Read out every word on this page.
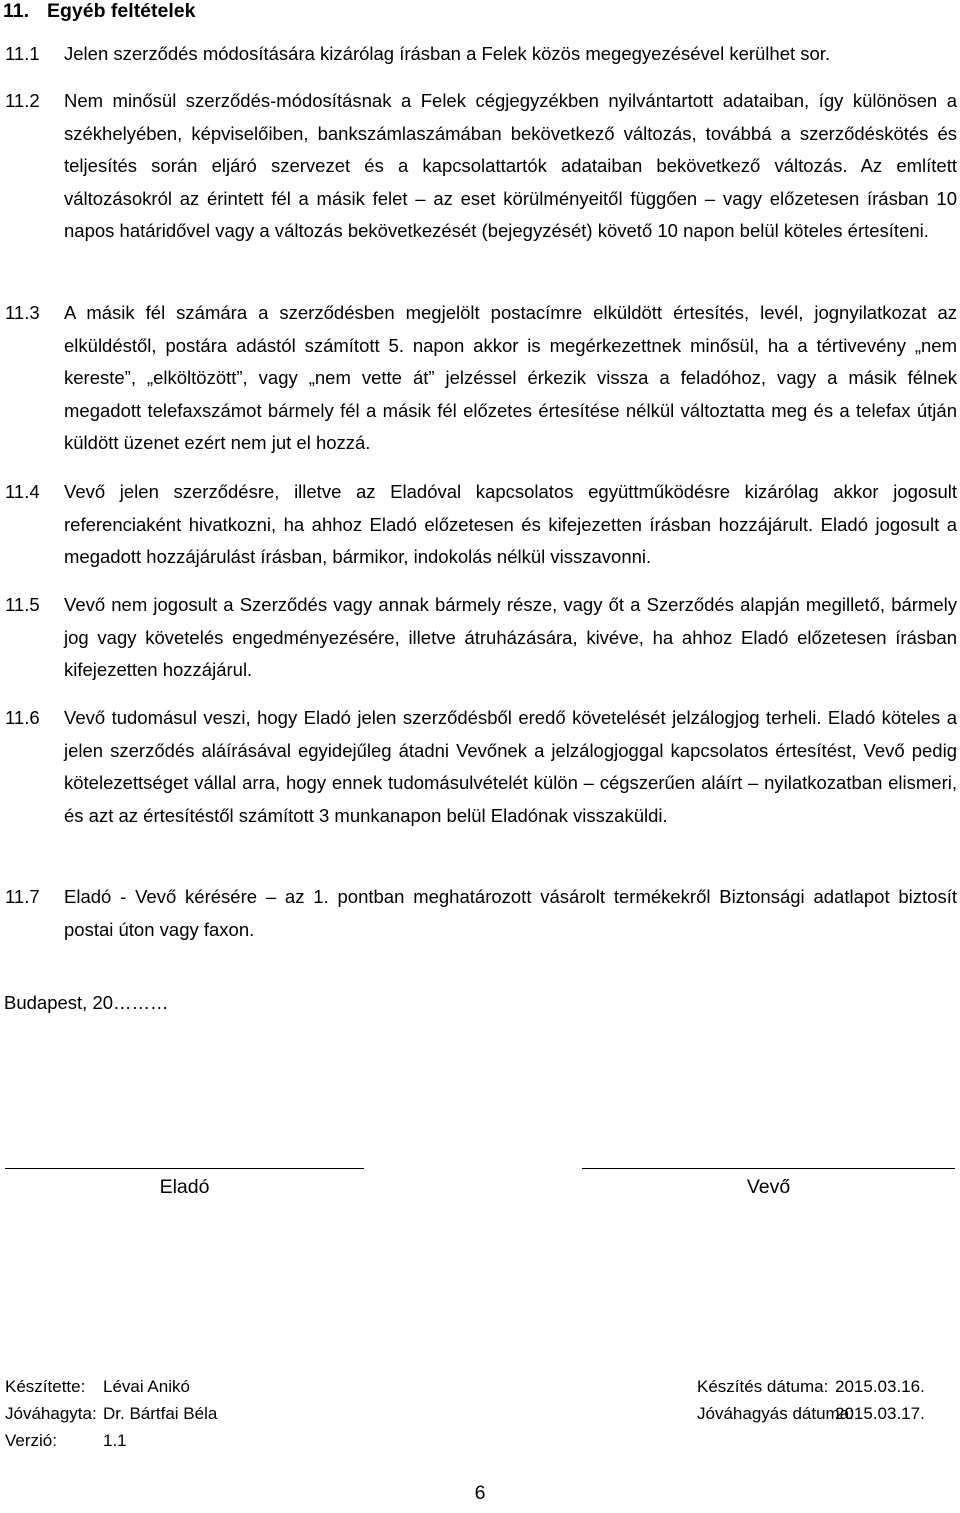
11. Egyéb feltételek
11.1 Jelen szerződés módosítására kizárólag írásban a Felek közös megegyezésével kerülhet sor.
11.2 Nem minősül szerződés-módosításnak a Felek cégjegyzékben nyilvántartott adataiban, így különösen a székhelyében, képviselőiben, bankszámlaszámában bekövetkező változás, továbbá a szerződéskötés és teljesítés során eljáró szervezet és a kapcsolattartók adataiban bekövetkező változás. Az említett változásokról az érintett fél a másik felet – az eset körülményeitől függően – vagy előzetesen írásban 10 napos határidővel vagy a változás bekövetkezését (bejegyzését) követő 10 napon belül köteles értesíteni.
11.3 A másik fél számára a szerződésben megjelölt postacímre elküldött értesítés, levél, jognyilatkozat az elküldéstől, postára adástól számított 5. napon akkor is megérkezettnek minősül, ha a tértivevény „nem kereste”, „elköltözött”, vagy „nem vette át” jelzéssel érkezik vissza a feladóhoz, vagy a másik félnek megadott telefaxszámot bármely fél a másik fél előzetes értesítése nélkül változtatta meg és a telefax útján küldött üzenet ezért nem jut el hozzá.
11.4 Vevő jelen szerződésre, illetve az Eladóval kapcsolatos együttműködésre kizárólag akkor jogosult referenciaként hivatkozni, ha ahhoz Eladó előzetesen és kifejezetten írásban hozzájárult. Eladó jogosult a megadott hozzájárulást írásban, bármikor, indokolás nélkül visszavonni.
11.5 Vevő nem jogosult a Szerződés vagy annak bármely része, vagy őt a Szerződés alapján megillető, bármely jog vagy követelés engedményezésére, illetve átruházására, kivéve, ha ahhoz Eladó előzetesen írásban kifejezetten hozzájárul.
11.6 Vevő tudomásul veszi, hogy Eladó jelen szerződésből eredő követelését jelzálogjog terheli. Eladó köteles a jelen szerződés aláírásával egyidejűleg átadni Vevőnek a jelzálogjoggal kapcsolatos értesítést, Vevő pedig kötelezettséget vállal arra, hogy ennek tudomásulvételét külön – cégszerűen aláírt – nyilatkozatban elismeri, és azt az értesítéstől számított 3 munkanapon belül Eladónak visszaküldi.
11.7 Eladó - Vevő kérésére – az 1. pontban meghatározott vásárolt termékekről Biztonsági adatlapot biztosít postai úton vagy faxon.
Budapest, 20………
Eladó	Vevő
Készítette:	Lévai Anikó
Jóváhagyta: Dr. Bártfai Béla
Verzió:	1.1
Készítés dátuma: 2015.03.16.
Jóváhagyás dátuma:
2015.03.17.
6
